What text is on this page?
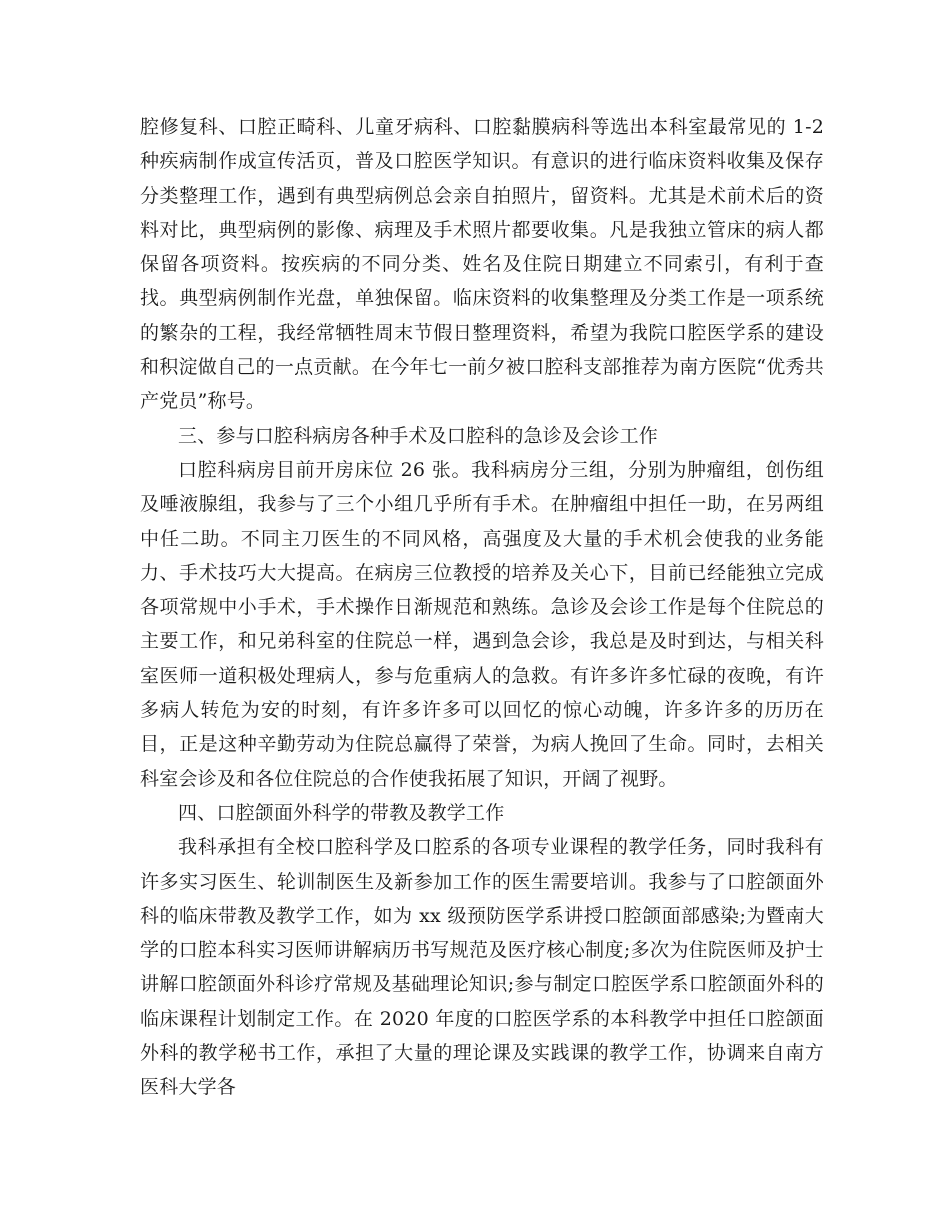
腔修复科、口腔正畸科、儿童牙病科、口腔黏膜病科等选出本科室最常见的 1-2 种疾病制作成宣传活页，普及口腔医学知识。有意识的进行临床资料收集及保存分类整理工作，遇到有典型病例总会亲自拍照片，留资料。尤其是术前术后的资料对比，典型病例的影像、病理及手术照片都要收集。凡是我独立管床的病人都保留各项资料。按疾病的不同分类、姓名及住院日期建立不同索引，有利于查找。典型病例制作光盘，单独保留。临床资料的收集整理及分类工作是一项系统的繁杂的工程，我经常牺牲周末节假日整理资料，希望为我院口腔医学系的建设和积淀做自己的一点贡献。在今年七一前夕被口腔科支部推荐为南方医院“优秀共产党员”称号。

三、参与口腔科病房各种手术及口腔科的急诊及会诊工作

口腔科病房目前开房床位 26 张。我科病房分三组，分别为肿瘤组，创伤组及唾液腺组，我参与了三个小组几乎所有手术。在肿瘤组中担任一助，在另两组中任二助。不同主刀医生的不同风格，高强度及大量的手术机会使我的业务能力、手术技巧大大提高。在病房三位教授的培养及关心下，目前已经能独立完成各项常规中小手术，手术操作日渐规范和熟练。急诊及会诊工作是每个住院总的主要工作，和兄弟科室的住院总一样，遇到急会诊，我总是及时到达，与相关科室医师一道积极处理病人，参与危重病人的急救。有许多许多忙碌的夜晚，有许多病人转危为安的时刻，有许多许多可以回忆的惊心动魄，许多许多的历历在目，正是这种辛勤劳动为住院总赢得了荣誉，为病人挽回了生命。同时，去相关科室会诊及和各位住院总的合作使我拓展了知识，开阔了视野。

四、口腔颌面外科学的带教及教学工作

我科承担有全校口腔科学及口腔系的各项专业课程的教学任务，同时我科有许多实习医生、轮训制医生及新参加工作的医生需要培训。我参与了口腔颌面外科的临床带教及教学工作，如为 xx 级预防医学系讲授口腔颌面部感染;为暨南大学的口腔本科实习医师讲解病历书写规范及医疗核心制度;多次为住院医师及护士讲解口腔颌面外科诊疗常规及基础理论知识;参与制定口腔医学系口腔颌面外科的临床课程计划制定工作。在 2020 年度的口腔医学系的本科教学中担任口腔颌面外科的教学秘书工作，承担了大量的理论课及实践课的教学工作，协调来自南方医科大学各
